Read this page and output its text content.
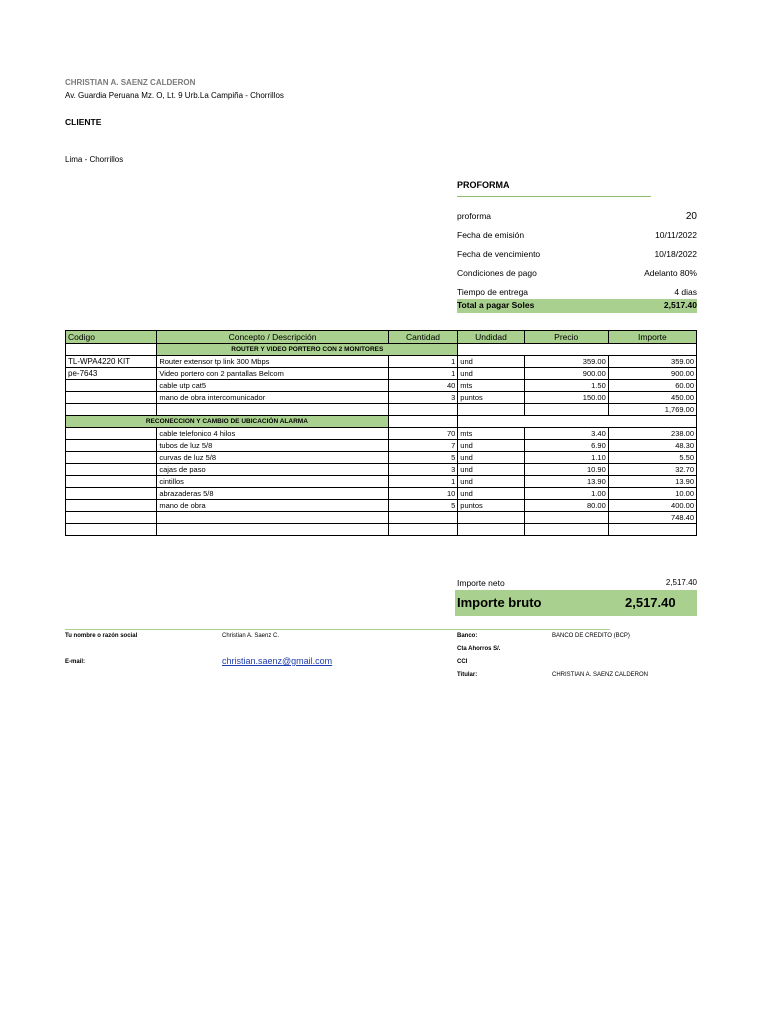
CHRISTIAN A. SAENZ CALDERON
Av. Guardia Peruana Mz. O, Lt. 9 Urb.La Campiña - Chorrillos
CLIENTE
Lima - Chorrillos
PROFORMA
proforma	20
Fecha de emisión	10/11/2022
Fecha de vencimiento	10/18/2022
Condiciones de pago	Adelanto 80%
Tiempo de entrega	4 dias
Total a pagar Soles	2,517.40
Codigo	Concepto / Descripción	Cantidad	Undidad	Precio	Importe
	ROUTER Y VIDEO PORTERO CON 2 MONITORES				
TL-WPA4220 KIT	Router extensor tp link 300 Mbps	1	und	359.00	359.00
pe-7643	Video portero con 2 pantallas Belcom	1	und	900.00	900.00
	cable utp cat5	40	mts	1.50	60.00
	mano de obra intercomunicador	3	puntos	150.00	450.00
					1,769.00
RECONECCION Y CAMBIO DE UBICACIÓN ALARMA					
	cable telefonico 4 hilos	70	mts	3.40	238.00
	tubos de luz 5/8	7	und	6.90	48.30
	curvas de luz 5/8	5	und	1.10	5.50
	cajas de paso	3	und	10.90	32.70
	cintillos	1	und	13.90	13.90
	abrazaderas 5/8	10	und	1.00	10.00
	mano de obra	5	puntos	80.00	400.00
					748.40

Importe neto	2,517.40
Importe bruto	2,517.40
Tu nombre o razón social	Christian A. Saenz C.
E-mail:	christian.saenz@gmail.com
Banco:	BANCO DE CREDITO (BCP)
Cta Ahorros S/.
CCI
Titular:	CHRISTIAN A. SAENZ CALDERON
